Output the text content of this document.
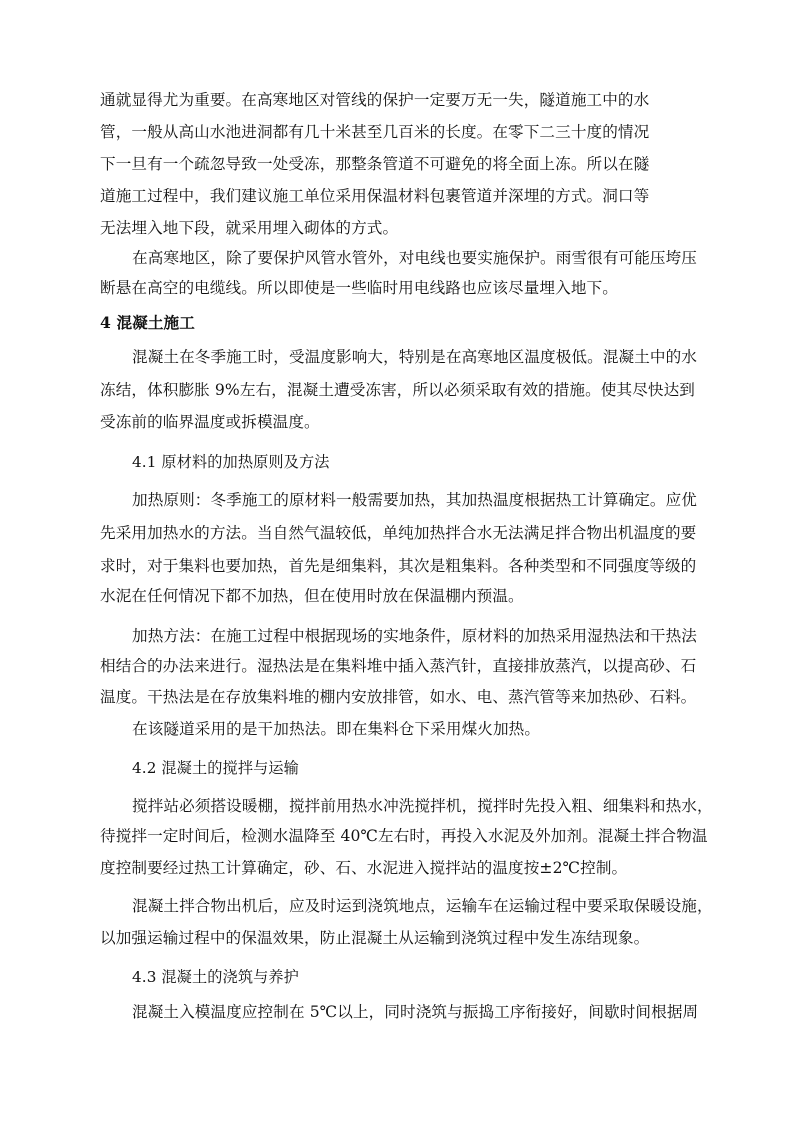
通就显得尤为重要。在高寒地区对管线的保护一定要万无一失，隧道施工中的水
管，一般从高山水池进洞都有几十米甚至几百米的长度。在零下二三十度的情况
下一旦有一个疏忽导致一处受冻，那整条管道不可避免的将全面上冻。所以在隧
道施工过程中，我们建议施工单位采用保温材料包裹管道并深埋的方式。洞口等
无法埋入地下段，就采用埋入砌体的方式。
在高寒地区，除了要保护风管水管外，对电线也要实施保护。雨雪很有可能压垮压
断悬在高空的电缆线。所以即使是一些临时用电线路也应该尽量埋入地下。
4 混凝土施工
混凝土在冬季施工时，受温度影响大，特别是在高寒地区温度极低。混凝土中的水
冻结，体积膨胀 9%左右，混凝土遭受冻害，所以必须采取有效的措施。使其尽快达到
受冻前的临界温度或拆模温度。
4.1 原材料的加热原则及方法
加热原则：冬季施工的原材料一般需要加热，其加热温度根据热工计算确定。应优
先采用加热水的方法。当自然气温较低，单纯加热拌合水无法满足拌合物出机温度的要
求时，对于集料也要加热，首先是细集料，其次是粗集料。各种类型和不同强度等级的
水泥在任何情况下都不加热，但在使用时放在保温棚内预温。
加热方法：在施工过程中根据现场的实地条件，原材料的加热采用湿热法和干热法
相结合的办法来进行。湿热法是在集料堆中插入蒸汽针，直接排放蒸汽，以提高砂、石
温度。干热法是在存放集料堆的棚内安放排管，如水、电、蒸汽管等来加热砂、石料。
在该隧道采用的是干加热法。即在集料仓下采用煤火加热。
4.2 混凝土的搅拌与运输
搅拌站必须搭设暖棚，搅拌前用热水冲洗搅拌机，搅拌时先投入粗、细集料和热水，
待搅拌一定时间后，检测水温降至 40℃左右时，再投入水泥及外加剂。混凝土拌合物温
度控制要经过热工计算确定，砂、石、水泥进入搅拌站的温度按±2℃控制。
混凝土拌合物出机后，应及时运到浇筑地点，运输车在运输过程中要采取保暖设施，
以加强运输过程中的保温效果，防止混凝土从运输到浇筑过程中发生冻结现象。
4.3 混凝土的浇筑与养护
混凝土入模温度应控制在 5℃以上，同时浇筑与振捣工序衔接好，间歇时间根据周
